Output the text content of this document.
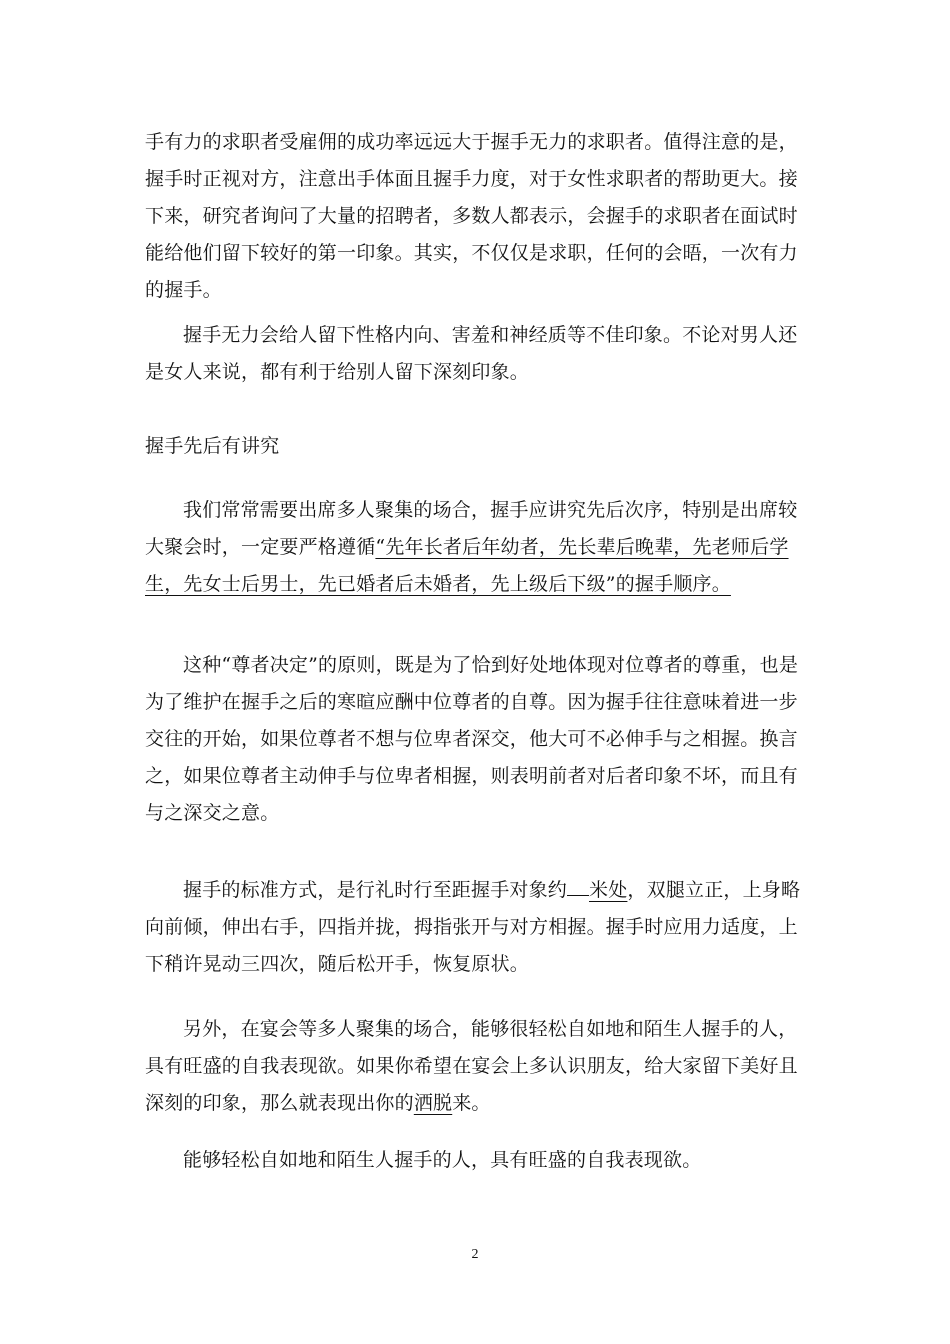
手有力的求职者受雇佣的成功率远远大于握手无力的求职者。值得注意的是，握手时正视对方，注意出手体面且握手力度，对于女性求职者的帮助更大。接下来，研究者询问了大量的招聘者，多数人都表示，会握手的求职者在面试时能给他们留下较好的第一印象。其实，不仅仅是求职，任何的会晤，一次有力的握手。

握手无力会给人留下性格内向、害羞和神经质等不佳印象。不论对男人还是女人来说，都有利于给别人留下深刻印象。

握手先后有讲究

我们常常需要出席多人聚集的场合，握手应讲究先后次序，特别是出席较大聚会时，一定要严格遵循“先年长者后年幼者，先长辈后晚辈，先老师后学生，先女士后男士，先已婚者后未婚者，先上级后下级”的握手顺序。

这种“尊者决定”的原则，既是为了恰到好处地体现对位尊者的尊重，也是为了维护在握手之后的寒暄应酬中位尊者的自尊。因为握手往往意味着进一步交往的开始，如果位尊者不想与位卑者深交，他大可不必伸手与之相握。换言之，如果位尊者主动伸手与位卑者相握，则表明前者对后者印象不坏，而且有与之深交之意。

握手的标准方式，是行礼时行至距握手对象约 米处，双腿立正，上身略向前倾，伸出右手，四指并拢，拇指张开与对方相握。握手时应用力适度，上下稍许晃动三四次，随后松开手，恢复原状。

另外，在宴会等多人聚集的场合，能够很轻松自如地和陌生人握手的人，具有旺盛的自我表现欲。如果你希望在宴会上多认识朋友，给大家留下美好且深刻的印象，那么就表现出你的洒脱来。

能够轻松自如地和陌生人握手的人，具有旺盛的自我表现欲。

2
